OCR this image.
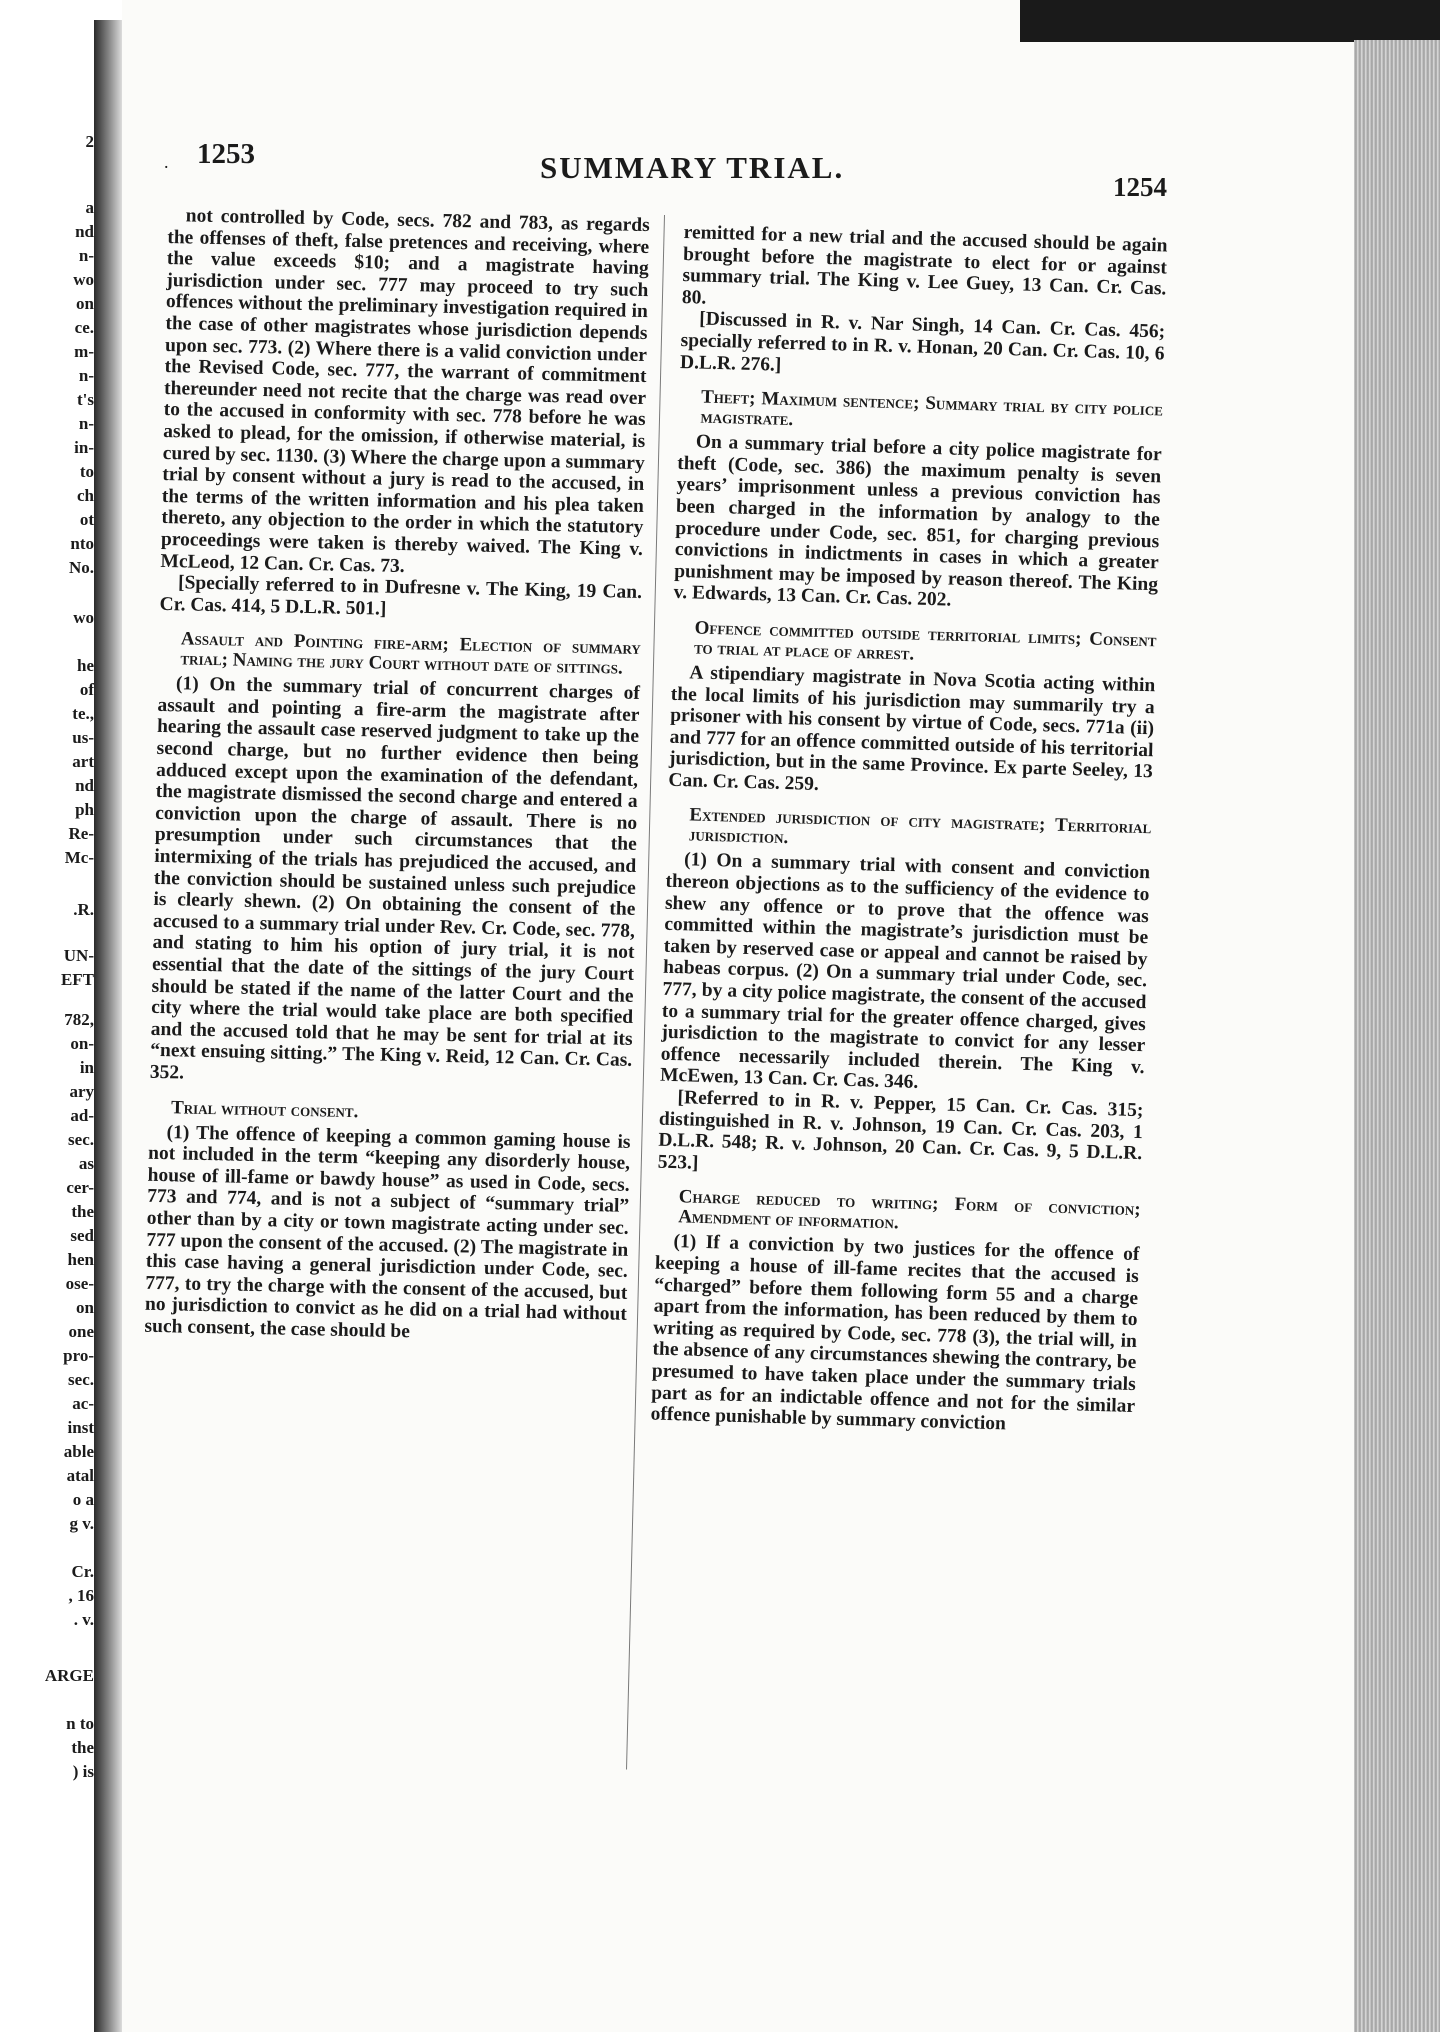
2
a
nd
n-
wo
on
ce.
m-
n-
t's
n-
in-
to
ch
ot
nto
No.
wo
he
of
te.,
us-
art
nd
ph
Re-
Mc-
.R.
UN-
EFT
782,
on-
in
ary
ad-
sec.
as
cer-
the
sed
hen
ose-
on
one
pro-
sec.
ac-
inst
able
atal
o a
g v.
Cr.
, 16
. v.
ARGE
n to
the
) is
. 1253	SUMMARY TRIAL.
1254

not controlled by Code, secs. 782 and 783, as regards the offenses of theft, false pretences and receiving, where the value exceeds $10; and a magistrate having jurisdiction under sec. 777 may proceed to try such offences without the preliminary investigation required in the case of other magistrates whose jurisdiction depends upon sec. 773. (2) Where there is a valid conviction under the Revised Code, sec. 777, the warrant of commitment thereunder need not recite that the charge was read over to the accused in conformity with sec. 778 before he was asked to plead, for the omission, if otherwise material, is cured by sec. 1130. (3) Where the charge upon a summary trial by consent without a jury is read to the accused, in the terms of the written information and his plea taken thereto, any objection to the order in which the statutory proceedings were taken is thereby waived. The King v. McLeod, 12 Can. Cr. Cas. 73.

[Specially referred to in Dufresne v. The King, 19 Can. Cr. Cas. 414, 5 D.L.R. 501.]

Assault and Pointing fire-arm; Election of summary trial; Naming the jury Court without date of sittings.

(1) On the summary trial of concurrent charges of assault and pointing a fire-arm the magistrate after hearing the assault case reserved judgment to take up the second charge, but no further evidence then being adduced except upon the examination of the defendant, the magistrate dismissed the second charge and entered a conviction upon the charge of assault. There is no presumption under such circumstances that the intermixing of the trials has prejudiced the accused, and the conviction should be sustained unless such prejudice is clearly shewn. (2) On obtaining the consent of the accused to a summary trial under Rev. Cr. Code, sec. 778, and stating to him his option of jury trial, it is not essential that the date of the sittings of the jury Court should be stated if the name of the latter Court and the city where the trial would take place are both specified and the accused told that he may be sent for trial at its “next ensuing sitting.” The King v. Reid, 12 Can. Cr. Cas. 352.

Trial without consent.

(1) The offence of keeping a common gaming house is not included in the term “keeping any disorderly house, house of ill-fame or bawdy house” as used in Code, secs. 773 and 774, and is not a subject of “summary trial” other than by a city or town magistrate acting under sec. 777 upon the consent of the accused. (2) The magistrate in this case having a general jurisdiction under Code, sec. 777, to try the charge with the consent of the accused, but no jurisdiction to convict as he did on a trial had without such consent, the case should be

remitted for a new trial and the accused should be again brought before the magistrate to elect for or against summary trial. The King v. Lee Guey, 13 Can. Cr. Cas. 80.

[Discussed in R. v. Nar Singh, 14 Can. Cr. Cas. 456; specially referred to in R. v. Honan, 20 Can. Cr. Cas. 10, 6 D.L.R. 276.]

Theft; Maximum sentence; Summary trial by city police magistrate.

On a summary trial before a city police magistrate for theft (Code, sec. 386) the maximum penalty is seven years’ imprisonment unless a previous conviction has been charged in the information by analogy to the procedure under Code, sec. 851, for charging previous convictions in indictments in cases in which a greater punishment may be imposed by reason thereof. The King v. Edwards, 13 Can. Cr. Cas. 202.

Offence committed outside territorial limits; Consent to trial at place of arrest.

A stipendiary magistrate in Nova Scotia acting within the local limits of his jurisdiction may summarily try a prisoner with his consent by virtue of Code, secs. 771a (ii) and 777 for an offence committed outside of his territorial jurisdiction, but in the same Province. Ex parte Seeley, 13 Can. Cr. Cas. 259.

Extended jurisdiction of city magistrate; Territorial jurisdiction.

(1) On a summary trial with consent and conviction thereon objections as to the sufficiency of the evidence to shew any offence or to prove that the offence was committed within the magistrate’s jurisdiction must be taken by reserved case or appeal and cannot be raised by habeas corpus. (2) On a summary trial under Code, sec. 777, by a city police magistrate, the consent of the accused to a summary trial for the greater offence charged, gives jurisdiction to the magistrate to convict for any lesser offence necessarily included therein. The King v. McEwen, 13 Can. Cr. Cas. 346.

[Referred to in R. v. Pepper, 15 Can. Cr. Cas. 315; distinguished in R. v. Johnson, 19 Can. Cr. Cas. 203, 1 D.L.R. 548; R. v. Johnson, 20 Can. Cr. Cas. 9, 5 D.L.R. 523.]

Charge reduced to writing; Form of conviction; Amendment of information.

(1) If a conviction by two justices for the offence of keeping a house of ill-fame recites that the accused is “charged” before them following form 55 and a charge apart from the information, has been reduced by them to writing as required by Code, sec. 778 (3), the trial will, in the absence of any circumstances shewing the contrary, be presumed to have taken place under the summary trials part as for an indictable offence and not for the similar offence punishable by summary conviction
